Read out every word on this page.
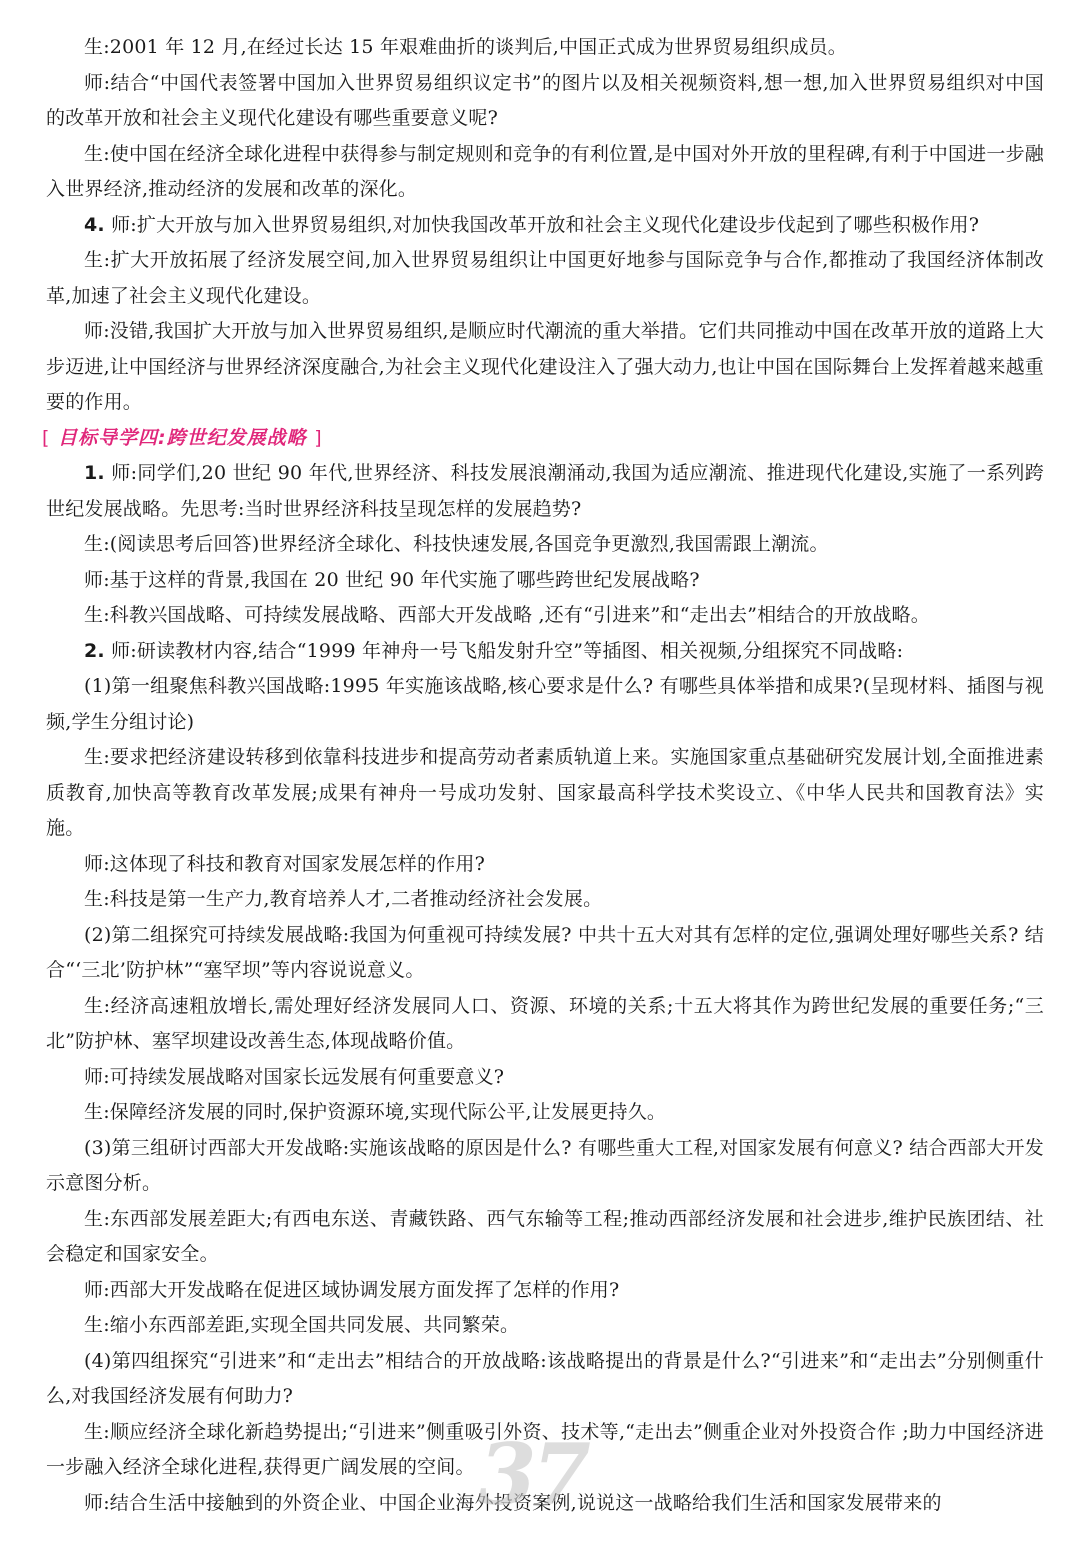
生:2001 年 12 月,在经过长达 15 年艰难曲折的谈判后,中国正式成为世界贸易组织成员。

师:结合“中国代表签署中国加入世界贸易组织议定书”的图片以及相关视频资料,想一想,加入世界贸易组织对中国的改革开放和社会主义现代化建设有哪些重要意义呢?

生:使中国在经济全球化进程中获得参与制定规则和竞争的有利位置,是中国对外开放的里程碑,有利于中国进一步融入世界经济,推动经济的发展和改革的深化。

4. 师:扩大开放与加入世界贸易组织,对加快我国改革开放和社会主义现代化建设步伐起到了哪些积极作用?

生:扩大开放拓展了经济发展空间,加入世界贸易组织让中国更好地参与国际竞争与合作,都推动了我国经济体制改革,加速了社会主义现代化建设。

师:没错,我国扩大开放与加入世界贸易组织,是顺应时代潮流的重大举措。它们共同推动中国在改革开放的道路上大步迈进,让中国经济与世界经济深度融合,为社会主义现代化建设注入了强大动力,也让中国在国际舞台上发挥着越来越重要的作用。

[ 目标导学四:跨世纪发展战略 ]

1. 师:同学们,20 世纪 90 年代,世界经济、科技发展浪潮涌动,我国为适应潮流、推进现代化建设,实施了一系列跨世纪发展战略。先思考:当时世界经济科技呈现怎样的发展趋势?

生:(阅读思考后回答)世界经济全球化、科技快速发展,各国竞争更激烈,我国需跟上潮流。

师:基于这样的背景,我国在 20 世纪 90 年代实施了哪些跨世纪发展战略?

生:科教兴国战略、可持续发展战略、西部大开发战略 ,还有“引进来”和“走出去”相结合的开放战略。

2. 师:研读教材内容,结合“1999 年神舟一号飞船发射升空”等插图、相关视频,分组探究不同战略:

(1)第一组聚焦科教兴国战略:1995 年实施该战略,核心要求是什么? 有哪些具体举措和成果?(呈现材料、插图与视频,学生分组讨论)

生:要求把经济建设转移到依靠科技进步和提高劳动者素质轨道上来。实施国家重点基础研究发展计划,全面推进素质教育,加快高等教育改革发展;成果有神舟一号成功发射、国家最高科学技术奖设立、《中华人民共和国教育法》实施。

师:这体现了科技和教育对国家发展怎样的作用?

生:科技是第一生产力,教育培养人才,二者推动经济社会发展。

(2)第二组探究可持续发展战略:我国为何重视可持续发展? 中共十五大对其有怎样的定位,强调处理好哪些关系? 结合“‘三北’防护林”“塞罕坝”等内容说说意义。

生:经济高速粗放增长,需处理好经济发展同人口、资源、环境的关系;十五大将其作为跨世纪发展的重要任务;“三北”防护林、塞罕坝建设改善生态,体现战略价值。

师:可持续发展战略对国家长远发展有何重要意义?

生:保障经济发展的同时,保护资源环境,实现代际公平,让发展更持久。

(3)第三组研讨西部大开发战略:实施该战略的原因是什么? 有哪些重大工程,对国家发展有何意义? 结合西部大开发示意图分析。

生:东西部发展差距大;有西电东送、青藏铁路、西气东输等工程;推动西部经济发展和社会进步,维护民族团结、社会稳定和国家安全。

师:西部大开发战略在促进区域协调发展方面发挥了怎样的作用?

生:缩小东西部差距,实现全国共同发展、共同繁荣。

(4)第四组探究“引进来”和“走出去”相结合的开放战略:该战略提出的背景是什么?“引进来”和“走出去”分别侧重什么,对我国经济发展有何助力?

生:顺应经济全球化新趋势提出;“引进来”侧重吸引外资、技术等,“走出去”侧重企业对外投资合作 ;助力中国经济进一步融入经济全球化进程,获得更广阔发展的空间。

师:结合生活中接触到的外资企业、中国企业海外投资案例,说说这一战略给我们生活和国家发展带来的

37
